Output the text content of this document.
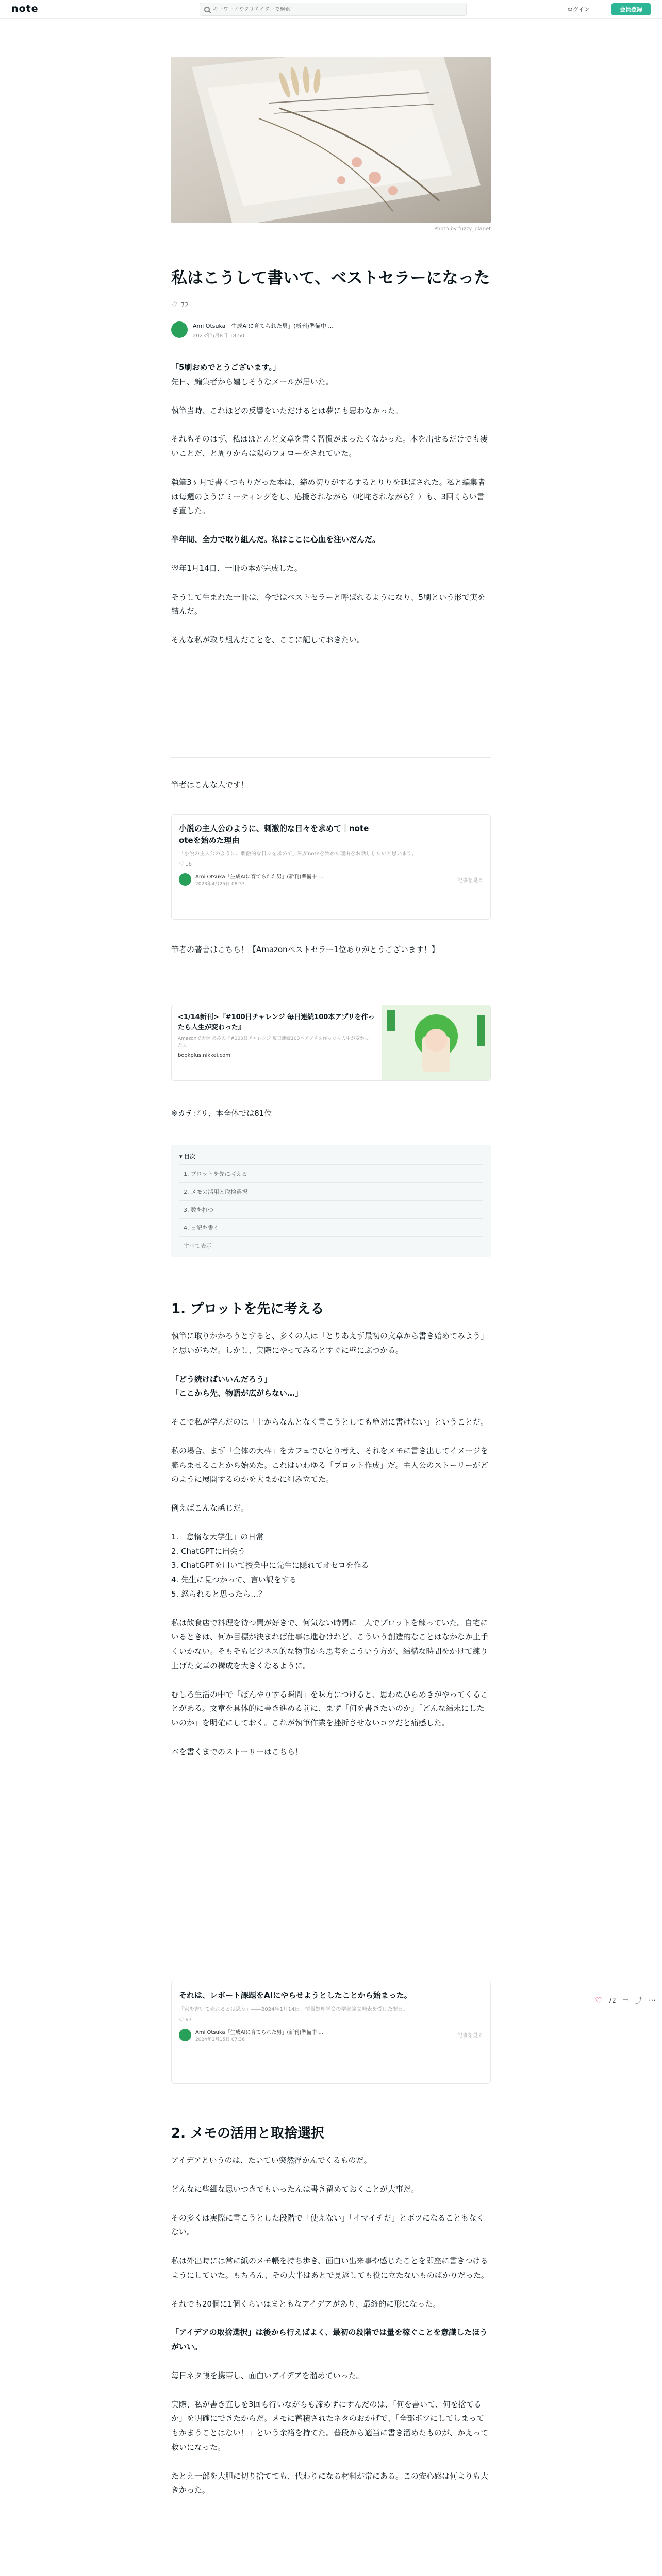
note
キーワードやクリエイターで検索	ログイン	会員登録
Photo by fuzzy_planet
私はこうして書いて、ベストセラーになった
♡ 72
Ami Otsuka「生成AIに育てられた男」(新刊)準備中 ...
2023年5月8日 18:50

「5刷おめでとうございます。」

先日、編集者から嬉しそうなメールが届いた。

執筆当時、これほどの反響をいただけるとは夢にも思わなかった。

それもそのはず、私はほとんど文章を書く習慣がまったくなかった。本を出せるだけでも凄いことだ、と周りからは陽のフォローをされていた。

執筆3ヶ月で書くつもりだった本は、締め切りがするするとりりを延ばされた。私と編集者は毎週のようにミーティングをし、応援されながら（叱咤されながら？）も、3回くらい書き直した。

半年間、全力で取り組んだ。私はここに心血を注いだんだ。

翌年1月14日、一冊の本が完成した。

そうして生まれた一冊は、今ではベストセラーと呼ばれるようになり、5刷という形で実を結んだ。

そんな私が取り組んだことを、ここに記しておきたい。

筆者はこんな人です！

小説の主人公のように、刺激的な日々を求めて｜note
oteを始めた理由
「小説の主人公のように、刺激的な日々を求めて」私がnoteを始めた理由をお話ししたいと思います。
♡ 16
Ami Otsuka「生成AIに育てられた男」(新刊)準備中 ...
2023年4月25日 08:33
記事を見る

筆者の著書はこちら！【Amazonベストセラー1位ありがとうございます！】

<1/14新刊>『#100日チャレンジ 毎日連続100本アプリを作ったら人生が変わった』
Amazonで大塚 あみの『#100日チャレンジ 毎日連続100本アプリを作ったら人生が変わった』。
bookplus.nikkei.com

※カテゴリ、本全体では81位

▾ 目次
1. プロットを先に考える
2. メモの活用と取捨選択
3. 数を打つ
4. 日記を書く
すべて表示
1. プロットを先に考える

執筆に取りかかろうとすると、多くの人は「とりあえず最初の文章から書き始めてみよう」と思いがちだ。しかし、実際にやってみるとすぐに壁にぶつかる。

「どう続けばいいんだろう」
「ここから先、物語が広がらない…」

そこで私が学んだのは「上からなんとなく書こうとしても絶対に書けない」ということだ。

私の場合、まず「全体の大枠」をカフェでひとり考え、それをメモに書き出してイメージを膨らませることから始めた。これはいわゆる「プロット作成」だ。主人公のストーリーがどのように展開するのかを大まかに組み立てた。

例えばこんな感じだ。

1.「怠惰な大学生」の日常
2. ChatGPTに出会う
3. ChatGPTを用いて授業中に先生に隠れてオセロを作る
4. 先生に見つかって、言い訳をする
5. 怒られると思ったら…？

私は飲食店で料理を待つ間が好きで、何気ない時間に一人でプロットを練っていた。自宅にいるときは、何か目標が決まれば仕事は進むけれど、こういう創造的なことはなかなか上手くいかない。そもそもビジネス的な物事から思考をこういう方が、結構な時間をかけて練り上げた文章の構成を大きくなるように。

むしろ生活の中で「ぼんやりする瞬間」を味方につけると、思わぬひらめきがやってくることがある。文章を具体的に書き進める前に、まず「何を書きたいのか」「どんな結末にしたいのか」を明確にしておく。これが執筆作業を挫折させないコツだと痛感した。

本を書くまでのストーリーはこちら！

それは、レポート課題をAIにやらせようとしたことから始まった。
「家を書いて売れるとは思う」――2024年1月14日、情報処理学会の学部論文発表を受けた翌日。
♡ 67
Ami Otsuka「生成AIに育てられた男」(新刊)準備中 ...
2024年1月15日 07:36
記事を見る
♡ 72 ▭ ⤴ ⋯
2. メモの活用と取捨選択

アイデアというのは、たいてい突然浮かんでくるものだ。

どんなに些細な思いつきでもいったんは書き留めておくことが大事だ。

その多くは実際に書こうとした段階で「使えない」「イマイチだ」とボツになることもなくない。

私は外出時には常に紙のメモ帳を持ち歩き、面白い出来事や感じたことを即座に書きつけるようにしていた。もちろん、その大半はあとで見返しても役に立たないものばかりだった。

それでも20個に1個くらいはまともなアイデアがあり、最終的に形になった。

「アイデアの取捨選択」は後から行えばよく、最初の段階では量を稼ぐことを意識したほうがいい。

毎日ネタ帳を携帯し、面白いアイデアを溜めていった。

実際、私が書き直しを3回も行いながらも諦めずにすんだのは、「何を書いて、何を捨てるか」を明確にできたからだ。メモに蓄積されたネタのおかげで、「全部ボツにしてしまってもかまうことはない！」という余裕を持てた。普段から適当に書き溜めたものが、かえって救いになった。

たとえ一部を大胆に切り捨てても、代わりになる材料が常にある。この安心感は何よりも大きかった。
